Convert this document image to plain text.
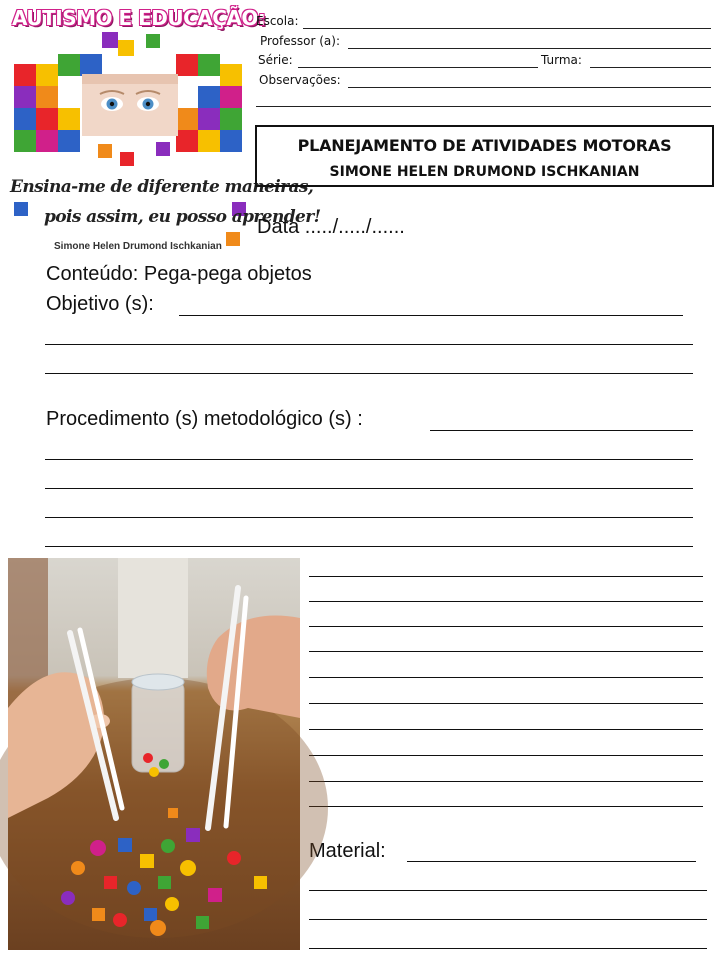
AUTISMO E EDUCAÇÃO:
Ensina-me de diferente maneiras,
pois assim, eu posso aprender!
Simone Helen Drumond Ischkanian
Escola:
Professor (a):
Série:	Turma:
Observações:
PLANEJAMENTO DE ATIVIDADES MOTORAS
SIMONE HELEN DRUMOND ISCHKANIAN
Data ...../...../......
Conteúdo: Pega-pega objetos
Objetivo (s):
Procedimento (s) metodológico (s) :
Material:
